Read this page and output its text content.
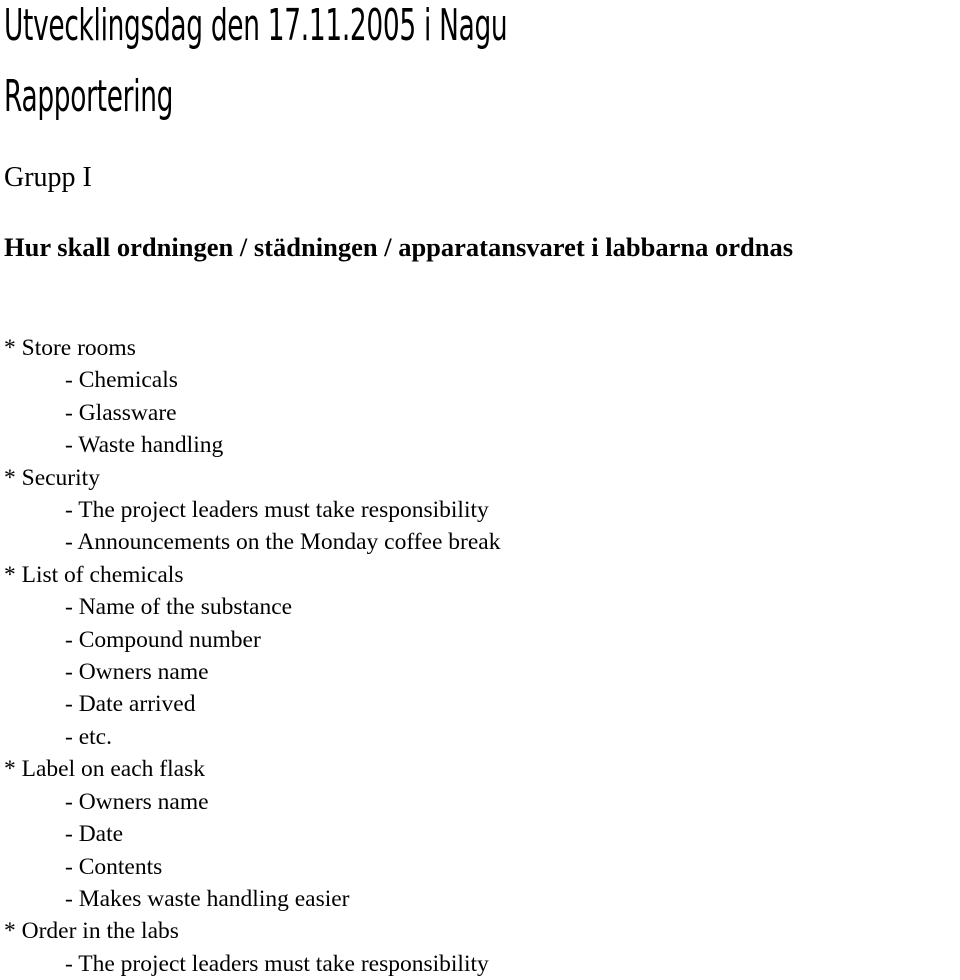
Utvecklingsdag den 17.11.2005 i Nagu
Rapportering
Grupp I
Hur skall ordningen / städningen / apparatansvaret i labbarna ordnas
* Store rooms
- Chemicals
- Glassware
- Waste handling
* Security
- The project leaders must take responsibility
- Announcements on the Monday coffee break
* List of chemicals
- Name of the substance
- Compound number
- Owners name
- Date arrived
- etc.
* Label on each flask
- Owners name
- Date
- Contents
- Makes waste handling easier
* Order in the labs
- The project leaders must take responsibility
